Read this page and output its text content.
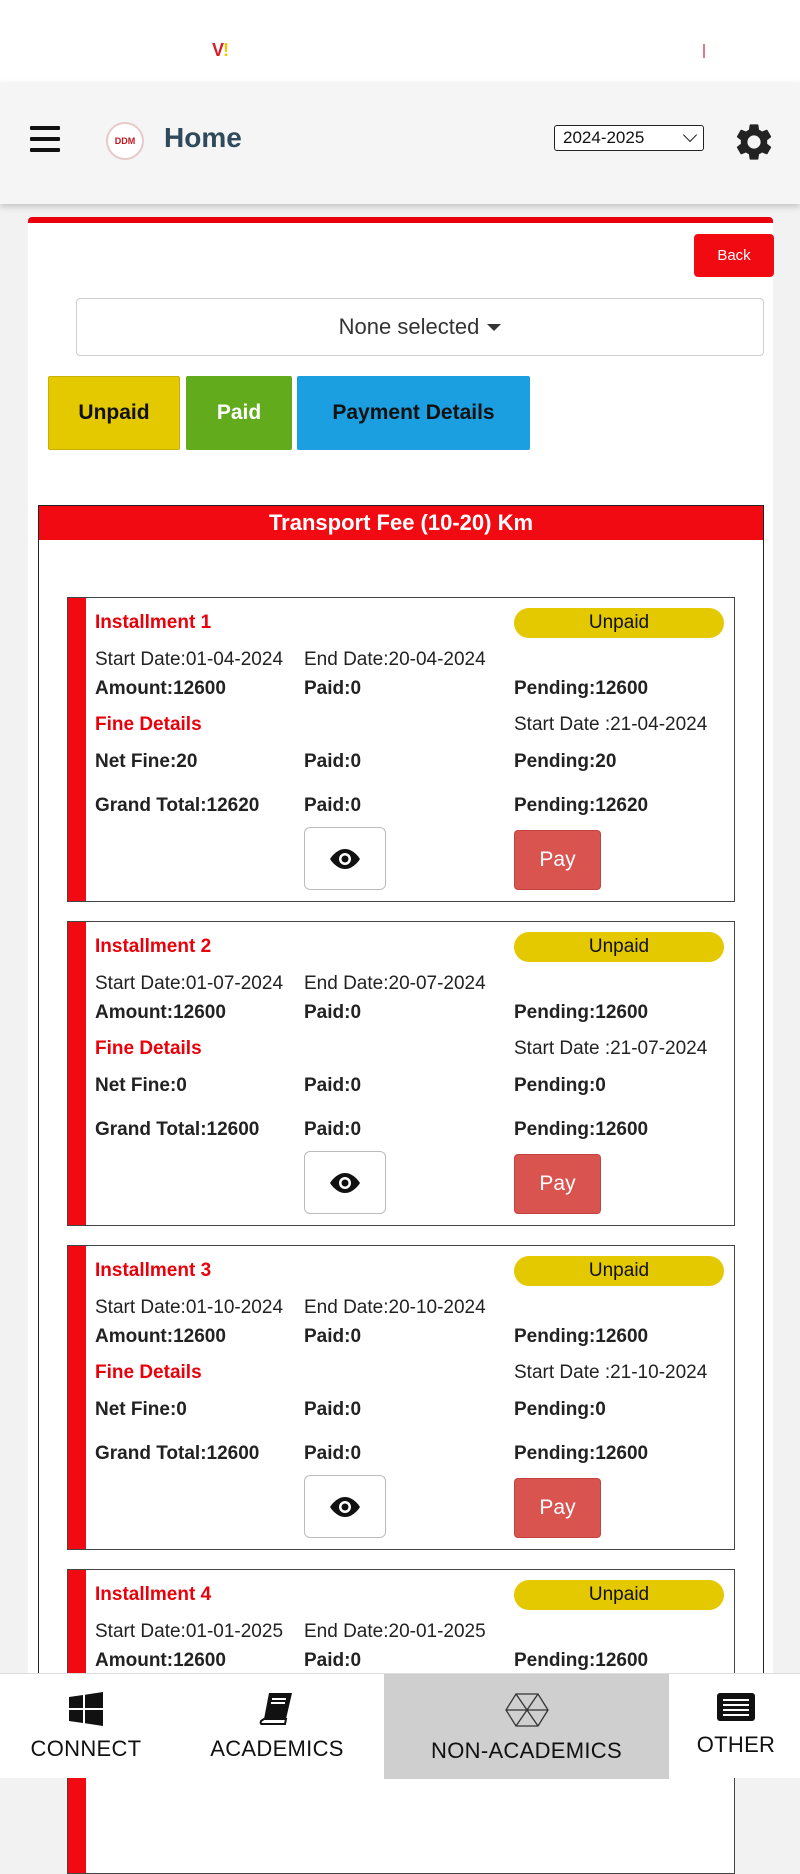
V!
DDM Home	2024-2025
Back
None selected
Unpaid	Paid	Payment Details
Transport Fee (10-20) Km
Installment 1	Unpaid
Start Date:01-04-2024 End Date:20-04-2024
Amount:12600	Paid:0	Pending:12600
Fine Details	Start Date :21-04-2024
Net Fine:20	Paid:0	Pending:20
Grand Total:12620 Paid:0	Pending:12620
Pay
Installment 2	Unpaid
Start Date:01-07-2024 End Date:20-07-2024
Amount:12600	Paid:0	Pending:12600
Fine Details	Start Date :21-07-2024
Net Fine:0	Paid:0	Pending:0
Grand Total:12600 Paid:0	Pending:12600
Pay
Installment 3	Unpaid
Start Date:01-10-2024 End Date:20-10-2024
Amount:12600	Paid:0	Pending:12600
Fine Details	Start Date :21-10-2024
Net Fine:0	Paid:0	Pending:0
Grand Total:12600 Paid:0	Pending:12600
Pay
Installment 4	Unpaid
Start Date:01-01-2025 End Date:20-01-2025
Amount:12600	Paid:0	Pending:12600
CONNECT	ACADEMICS	NON-ACADEMICS	OTHER
